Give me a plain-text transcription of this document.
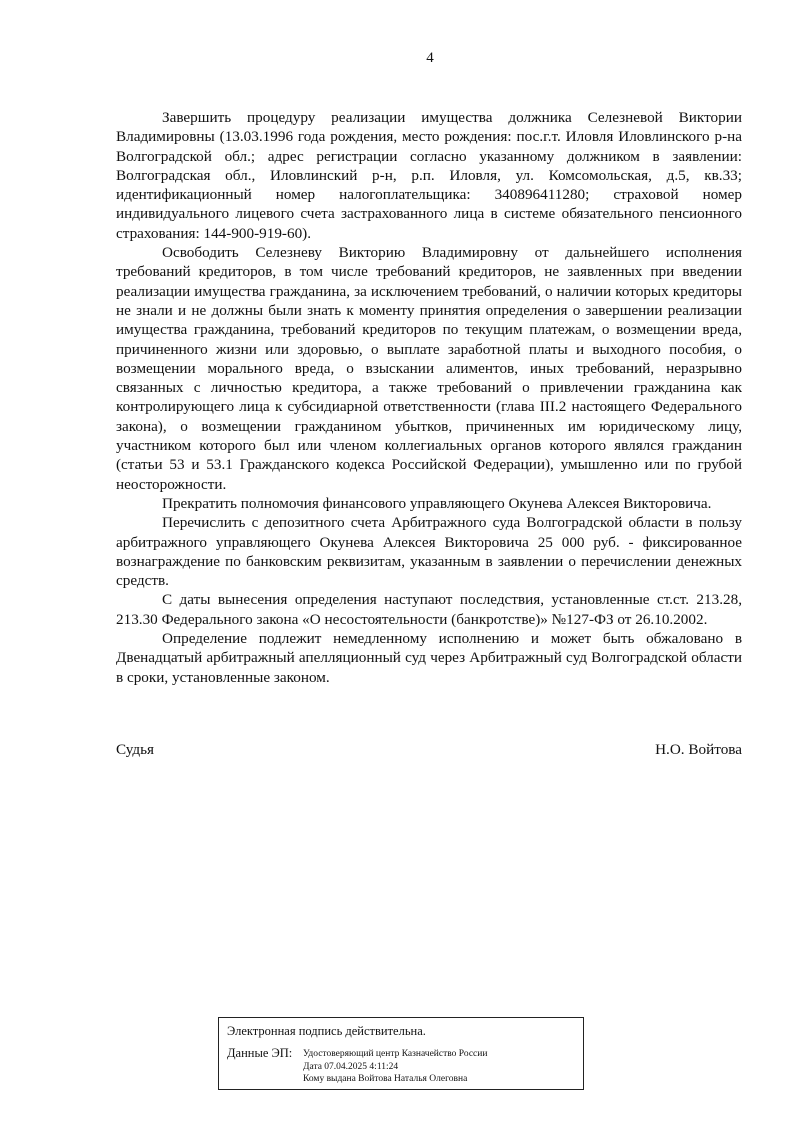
4

Завершить процедуру реализации имущества должника Селезневой Виктории Владимировны (13.03.1996 года рождения, место рождения: пос.г.т. Иловля Иловлинского р-на Волгоградской обл.; адрес регистрации согласно указанному должником в заявлении: Волгоградская обл., Иловлинский р-н, р.п. Иловля, ул. Комсомольская, д.5, кв.33; идентификационный номер налогоплательщика: 340896411280; страховой номер индивидуального лицевого счета застрахованного лица в системе обязательного пенсионного страхования: 144-900-919-60).

Освободить Селезневу Викторию Владимировну от дальнейшего исполнения требований кредиторов, в том числе требований кредиторов, не заявленных при введении реализации имущества гражданина, за исключением требований, о наличии которых кредиторы не знали и не должны были знать к моменту принятия определения о завершении реализации имущества гражданина, требований кредиторов по текущим платежам, о возмещении вреда, причиненного жизни или здоровью, о выплате заработной платы и выходного пособия, о возмещении морального вреда, о взыскании алиментов, иных требований, неразрывно связанных с личностью кредитора, а также требований о привлечении гражданина как контролирующего лица к субсидиарной ответственности (глава III.2 настоящего Федерального закона), о возмещении гражданином убытков, причиненных им юридическому лицу, участником которого был или членом коллегиальных органов которого являлся гражданин (статьи 53 и 53.1 Гражданского кодекса Российской Федерации), умышленно или по грубой неосторожности.

Прекратить полномочия финансового управляющего Окунева Алексея Викторовича.

Перечислить с депозитного счета Арбитражного суда Волгоградской области в пользу арбитражного управляющего Окунева Алексея Викторовича 25 000 руб. - фиксированное вознаграждение по банковским реквизитам, указанным в заявлении о перечислении денежных средств.

С даты вынесения определения наступают последствия, установленные ст.ст. 213.28, 213.30 Федерального закона «О несостоятельности (банкротстве)» №127-ФЗ от 26.10.2002.

Определение подлежит немедленному исполнению и может быть обжаловано в Двенадцатый арбитражный апелляционный суд через Арбитражный суд Волгоградской области в сроки, установленные законом.

Судья	Н.О. Войтова
Электронная подпись действительна.
Данные ЭП: Удостоверяющий центр Казначейство России
Дата 07.04.2025 4:11:24
Кому выдана Войтова Наталья Олеговна
